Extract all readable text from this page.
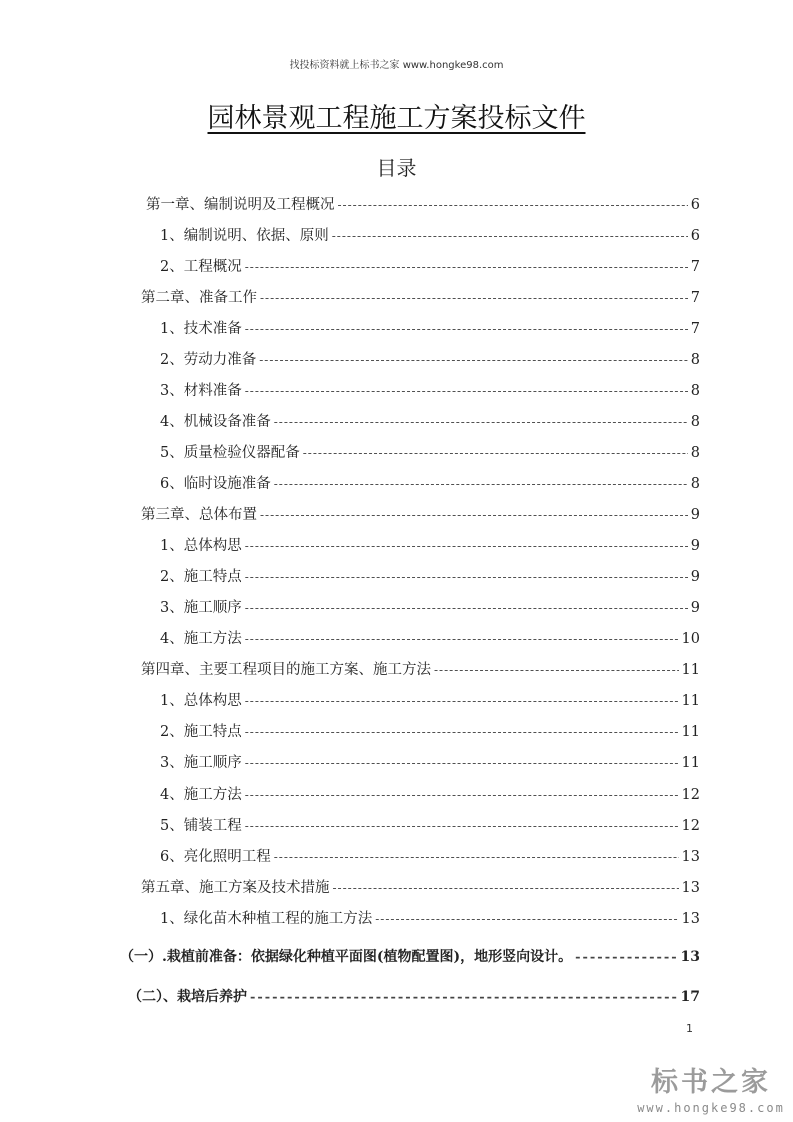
找投标资料就上标书之家 www.hongke98.com
园林景观工程施工方案投标文件
目录
第一章、编制说明及工程概况 -----	6
1、编制说明、依据、原则 -----	6
2、工程概况 -----	7
第二章、准备工作 -----	7
1、技术准备 -----	7
2、劳动力准备 -----	8
3、材料准备 -----	8
4、机械设备准备 -----	8
5、质量检验仪器配备 -----	8
6、临时设施准备 -----	8
第三章、总体布置 -----	9
1、总体构思 -----	9
2、施工特点 -----	9
3、施工顺序 -----	9
4、施工方法 -----	10
第四章、主要工程项目的施工方案、施工方法 -----	11
1、总体构思 -----	11
2、施工特点 -----	11
3、施工顺序 -----	11
4、施工方法 -----	12
5、铺装工程 -----	12
6、亮化照明工程 -----	13
第五章、施工方案及技术措施 -----	13
1、绿化苗木种植工程的施工方法 -----	13
（一）.栽植前准备：依据绿化种植平面图(植物配置图)，地形竖向设计。 -----	13
（二）、栽培后养护 -----	17
1
标书之家
www.hongke98.com
